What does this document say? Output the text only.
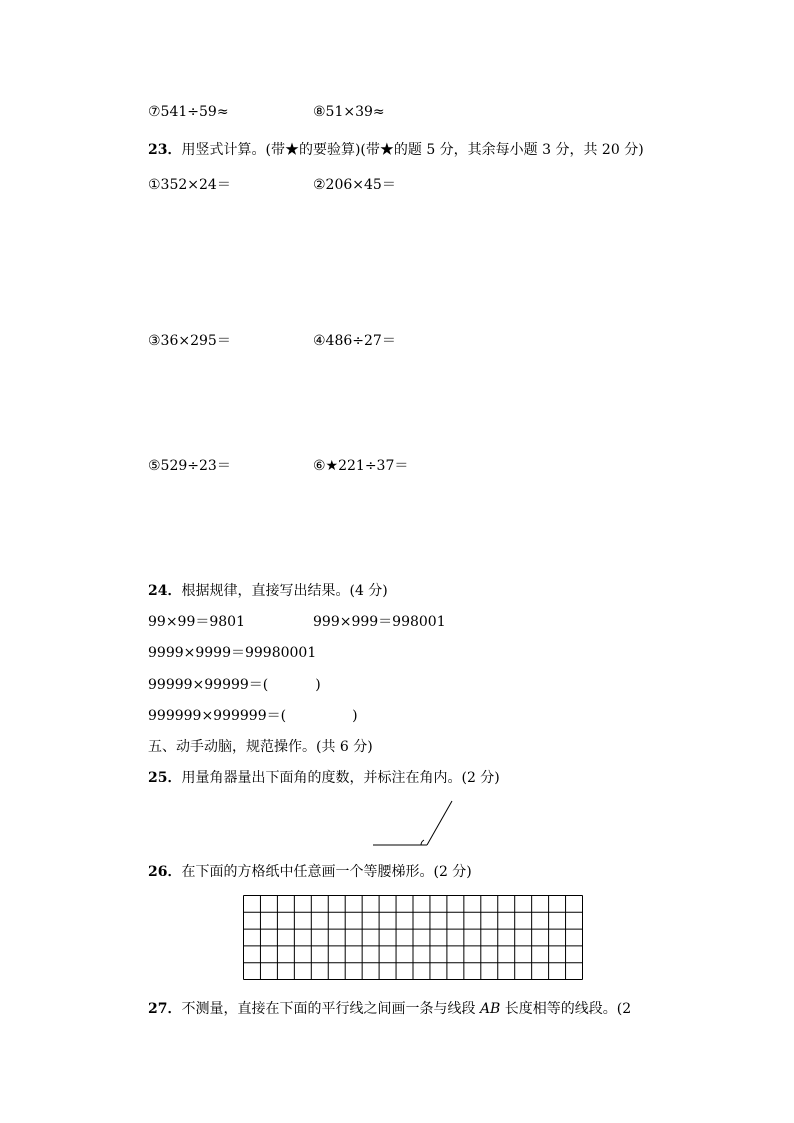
⑦541÷59≈	⑧51×39≈
23．用竖式计算。(带★的要验算)(带★的题 5 分，其余每小题 3 分，共 20 分)
①352×24＝	②206×45＝
③36×295＝	④486÷27＝
⑤529÷23＝	⑥★221÷37＝
24．根据规律，直接写出结果。(4 分)
99×99＝9801	999×999＝998001
9999×9999＝99980001
99999×99999＝(	)
999999×999999＝(	)
五、动手动脑，规范操作。(共 6 分)
25．用量角器量出下面角的度数，并标注在角内。(2 分)
26．在下面的方格纸中任意画一个等腰梯形。(2 分)
27．不测量，直接在下面的平行线之间画一条与线段 AB 长度相等的线段。(2
